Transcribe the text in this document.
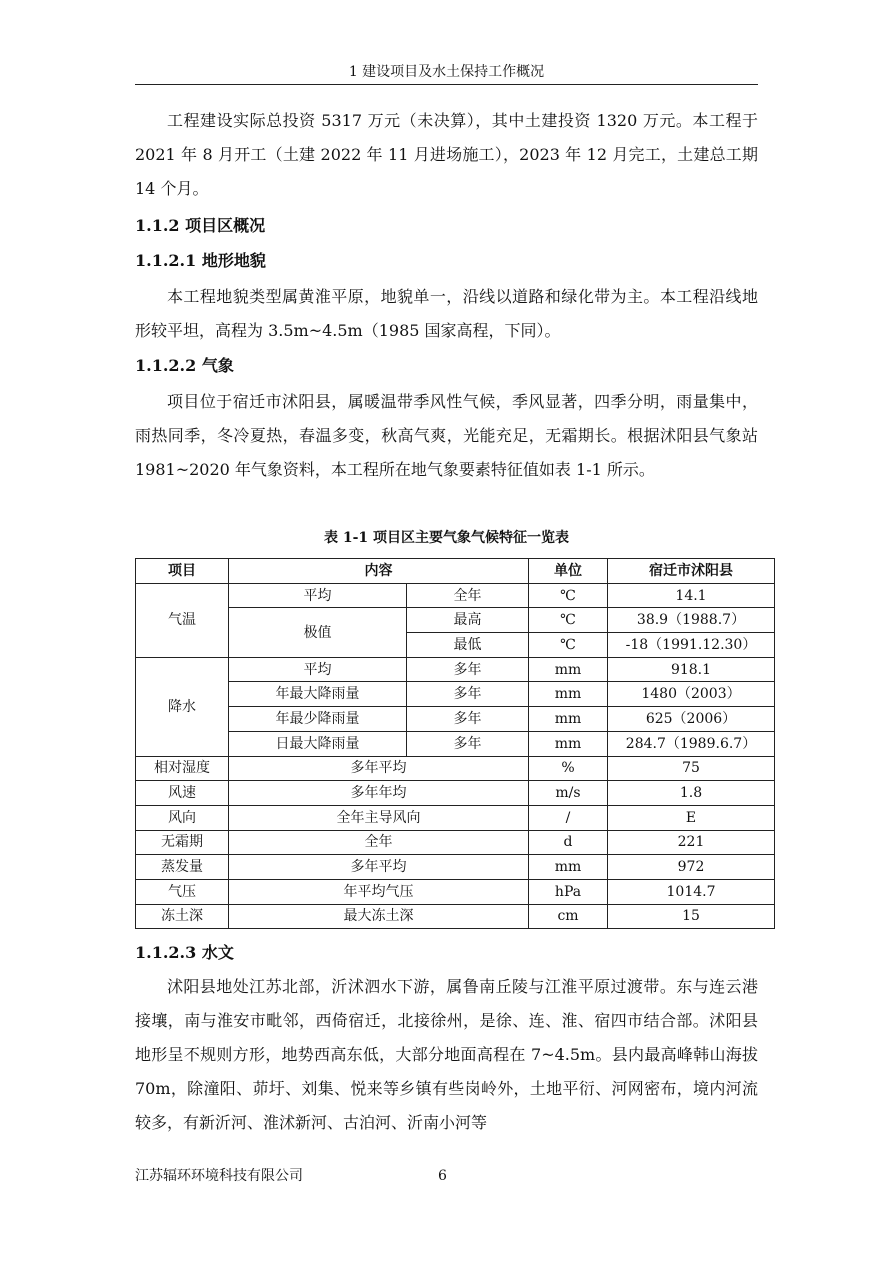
1 建设项目及水土保持工作概况

工程建设实际总投资 5317 万元（未决算），其中土建投资 1320 万元。本工程于 2021 年 8 月开工（土建 2022 年 11 月进场施工），2023 年 12 月完工，土建总工期 14 个月。

1.1.2 项目区概况
1.1.2.1 地形地貌

本工程地貌类型属黄淮平原，地貌单一，沿线以道路和绿化带为主。本工程沿线地形较平坦，高程为 3.5m~4.5m（1985 国家高程，下同）。

1.1.2.2 气象

项目位于宿迁市沭阳县，属暖温带季风性气候，季风显著，四季分明，雨量集中，雨热同季，冬冷夏热，春温多变，秋高气爽，光能充足，无霜期长。根据沭阳县气象站 1981~2020 年气象资料，本工程所在地气象要素特征值如表 1-1 所示。

表 1-1 项目区主要气象气候特征一览表
项目	内容		单位	宿迁市沭阳县
气温	平均	全年	℃	14.1
	极值	最高	℃	38.9（1988.7）
		最低	℃	-18（1991.12.30）
降水	平均	多年	mm	918.1
	年最大降雨量	多年	mm	1480（2003）
	年最少降雨量	多年	mm	625（2006）
	日最大降雨量	多年	mm	284.7（1989.6.7）
相对湿度	多年平均		%	75
风速	多年年均		m/s	1.8
风向	全年主导风向		/	E
无霜期	全年		d	221
蒸发量	多年平均		mm	972
气压	年平均气压		hPa	1014.7
冻土深	最大冻土深		cm	15
1.1.2.3 水文

沭阳县地处江苏北部，沂沭泗水下游，属鲁南丘陵与江淮平原过渡带。东与连云港接壤，南与淮安市毗邻，西倚宿迁，北接徐州，是徐、连、淮、宿四市结合部。沭阳县地形呈不规则方形，地势西高东低，大部分地面高程在 7~4.5m。县内最高峰韩山海拔 70m，除潼阳、茆圩、刘集、悦来等乡镇有些岗岭外，土地平衍、河网密布，境内河流较多，有新沂河、淮沭新河、古泊河、沂南小河等

江苏辐环环境科技有限公司	6
